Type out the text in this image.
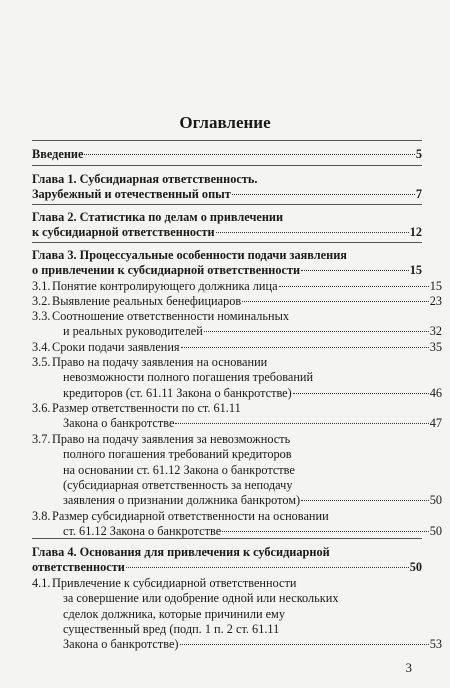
Оглавление
Введение	5
Глава 1. Субсидиарная ответственность.
Зарубежный и отечественный опыт	7
Глава 2. Статистика по делам о привлечении
к субсидиарной ответственности	12
Глава 3. Процессуальные особенности подачи заявления
о привлечении к субсидиарной ответственности	15
3.1. Понятие контролирующего должника лица	15
3.2. Выявление реальных бенефициаров	23
3.3. Соотношение ответственности номинальных
и реальных руководителей	32
3.4. Сроки подачи заявления	35
3.5. Право на подачу заявления на основании
невозможности полного погашения требований
кредиторов (ст. 61.11 Закона о банкротстве)	46
3.6. Размер ответственности по ст. 61.11
Закона о банкротстве	47
3.7. Право на подачу заявления за невозможность
полного погашения требований кредиторов
на основании ст. 61.12 Закона о банкротстве
(субсидиарная ответственность за неподачу
заявления о признании должника банкротом)	50
3.8. Размер субсидиарной ответственности на основании
ст. 61.12 Закона о банкротстве	50
Глава 4. Основания для привлечения к субсидиарной
ответственности	50
4.1. Привлечение к субсидиарной ответственности
за совершение или одобрение одной или нескольких
сделок должника, которые причинили ему
существенный вред (подп. 1 п. 2 ст. 61.11
Закона о банкротстве)	53
3
